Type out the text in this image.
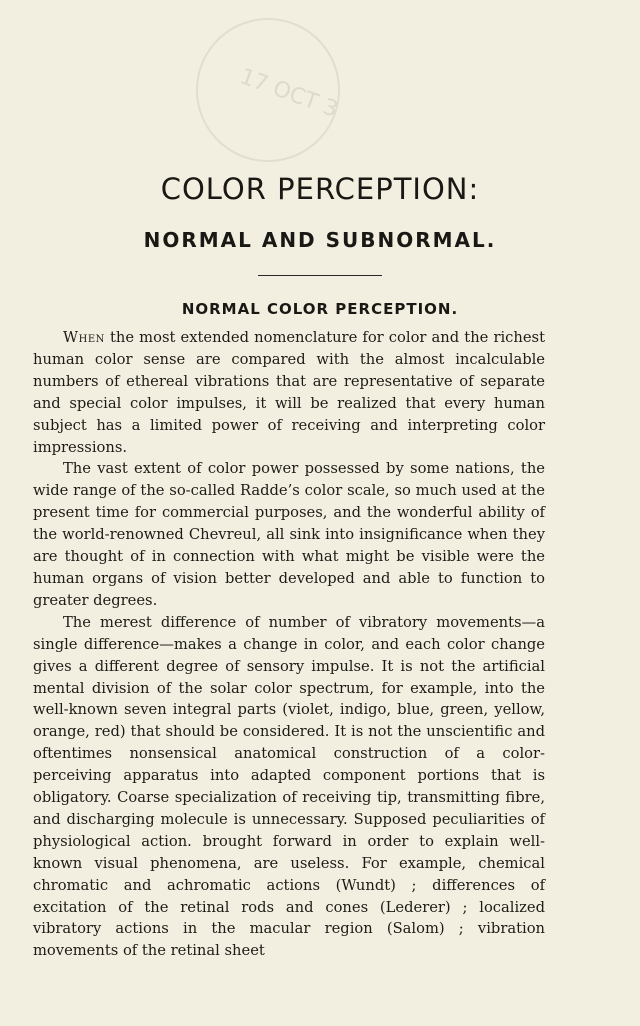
17 OCT 3
COLOR PERCEPTION:
NORMAL AND SUBNORMAL.
NORMAL COLOR PERCEPTION.

When the most extended nomenclature for color and the richest human color sense are compared with the almost incalculable numbers of ethereal vibrations that are representative of separate and special color impulses, it will be realized that every human subject has a limited power of receiving and interpreting color impressions.

The vast extent of color power possessed by some nations, the wide range of the so-called Radde’s color scale, so much used at the present time for commercial purposes, and the wonderful ability of the world-renowned Chevreul, all sink into insignificance when they are thought of in connection with what might be visible were the human organs of vision better developed and able to function to greater degrees.

The merest difference of number of vibratory movements—a single difference—makes a change in color, and each color change gives a different degree of sensory impulse. It is not the artificial mental division of the solar color spectrum, for example, into the well-known seven integral parts (violet, indigo, blue, green, yellow, orange, red) that should be considered. It is not the unscientific and oftentimes nonsensical anatomical construction of a color-perceiving apparatus into adapted component portions that is obligatory. Coarse specialization of receiving tip, transmitting fibre, and discharging molecule is unnecessary. Supposed peculiarities of physiological action. brought forward in order to explain well-known visual phenomena, are useless. For example, chemical chromatic and achromatic actions (Wundt) ; differences of excitation of the retinal rods and cones (Lederer) ; localized vibratory actions in the macular region (Salom) ; vibration movements of the retinal sheet
